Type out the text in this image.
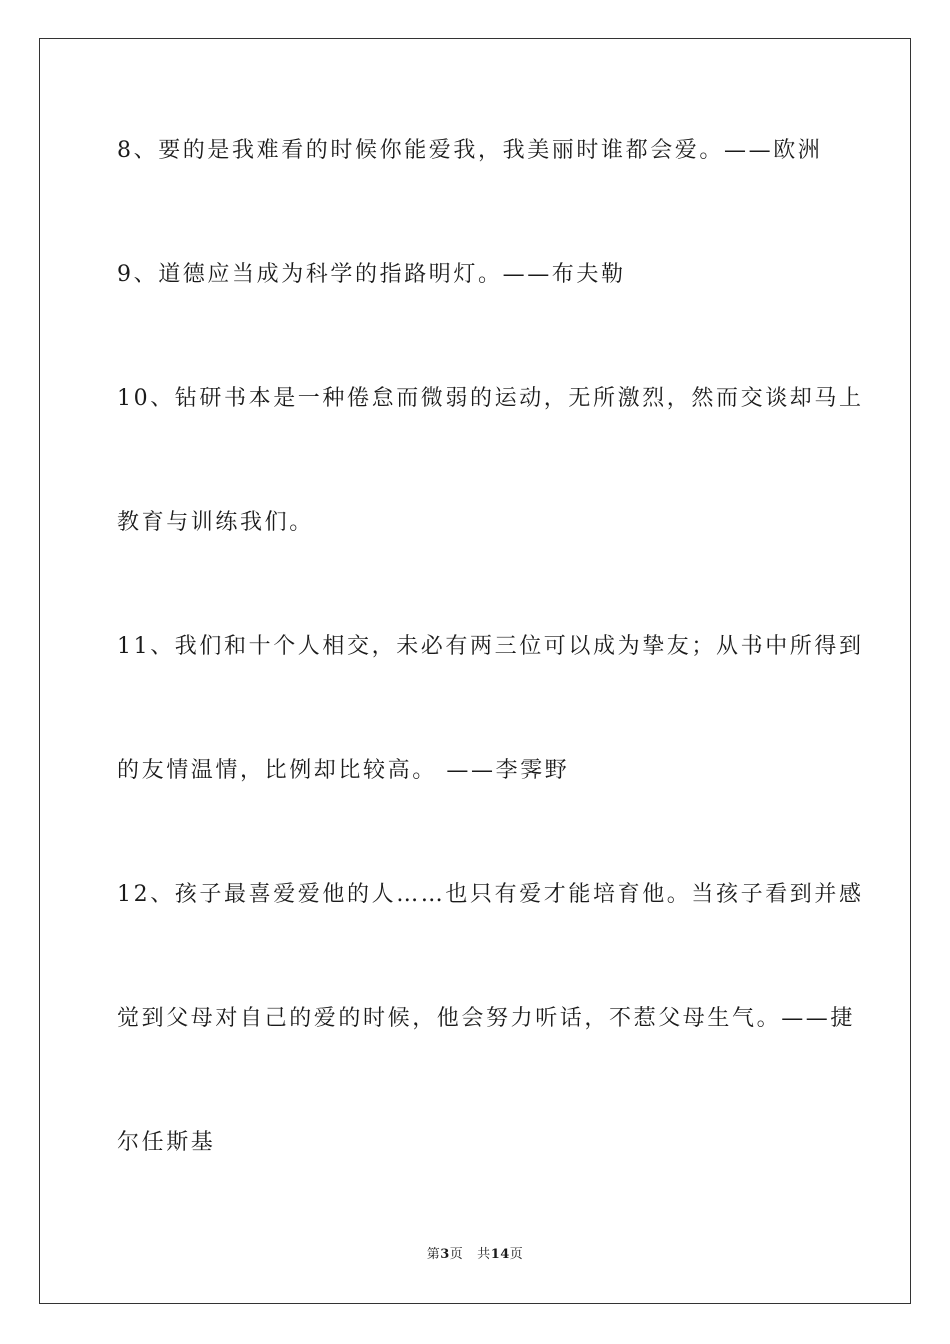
8、要的是我难看的时候你能爱我，我美丽时谁都会爱。——欧洲
9、道德应当成为科学的指路明灯。——布夫勒
10、钻研书本是一种倦怠而微弱的运动，无所激烈，然而交谈却马上
教育与训练我们。
11、我们和十个人相交，未必有两三位可以成为挚友；从书中所得到
的友情温情，比例却比较高。 ——李霁野
12、孩子最喜爱爱他的人……也只有爱才能培育他。当孩子看到并感
觉到父母对自己的爱的时候，他会努力听话，不惹父母生气。——捷
尔任斯基
第3页 共14页
